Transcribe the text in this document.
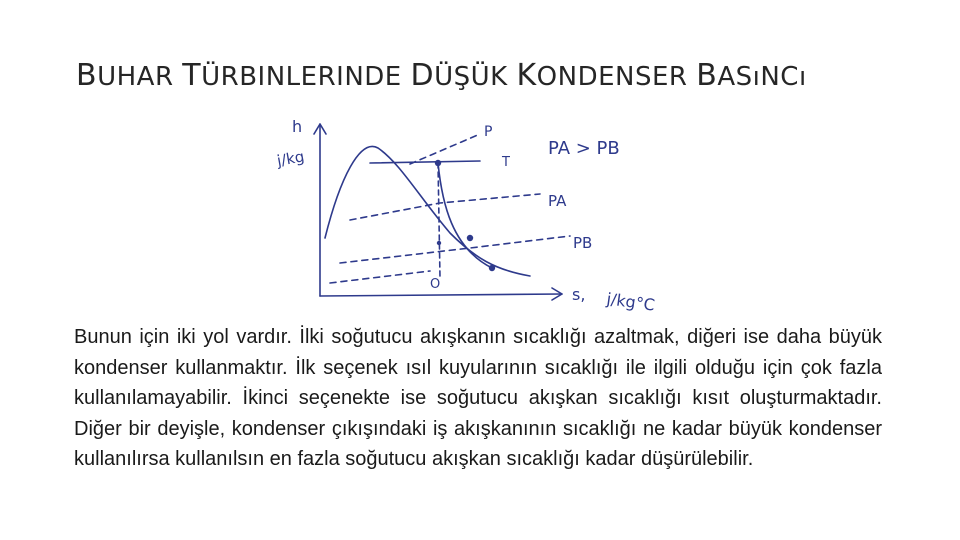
BUHAR TÜRBINLERINDE DÜŞÜK KONDENSER BASıNCı
h
j/kg
P
T
PA > PB
PA
PB
O
s, j/kg°C

Bunun için iki yol vardır. İlki soğutucu akışkanın sıcaklığı azaltmak, diğeri ise daha büyük kondenser kullanmaktır. İlk seçenek ısıl kuyularının sıcaklığı ile ilgili olduğu için çok fazla kullanılamayabilir. İkinci seçenekte ise soğutucu akışkan sıcaklığı kısıt oluşturmaktadır. Diğer bir deyişle, kondenser çıkışındaki iş akışkanının sıcaklığı ne kadar büyük kondenser kullanılırsa kullanılsın en fazla soğutucu akışkan sıcaklığı kadar düşürülebilir.
